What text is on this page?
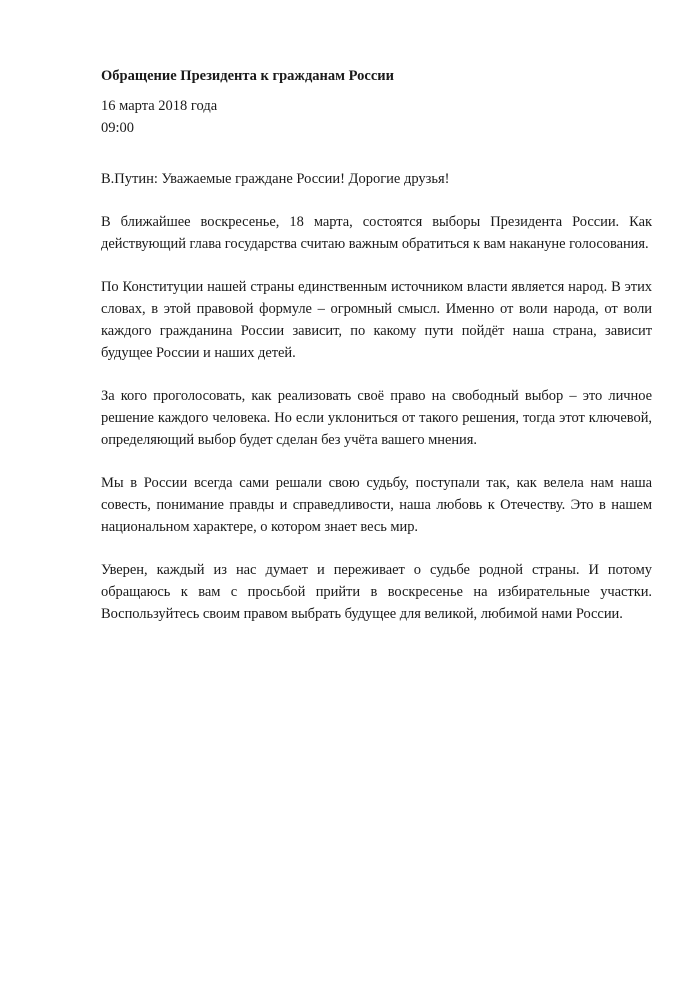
Обращение Президента к гражданам России

16 марта 2018 года

09:00

В.Путин: Уважаемые граждане России! Дорогие друзья!

В ближайшее воскресенье, 18 марта, состоятся выборы Президента России. Как действующий глава государства считаю важным обратиться к вам накануне голосования.

По Конституции нашей страны единственным источником власти является народ. В этих словах, в этой правовой формуле – огромный смысл. Именно от воли народа, от воли каждого гражданина России зависит, по какому пути пойдёт наша страна, зависит будущее России и наших детей.

За кого проголосовать, как реализовать своё право на свободный выбор – это личное решение каждого человека. Но если уклониться от такого решения, тогда этот ключевой, определяющий выбор будет сделан без учёта вашего мнения.

Мы в России всегда сами решали свою судьбу, поступали так, как велела нам наша совесть, понимание правды и справедливости, наша любовь к Отечеству. Это в нашем национальном характере, о котором знает весь мир.

Уверен, каждый из нас думает и переживает о судьбе родной страны. И потому обращаюсь к вам с просьбой прийти в воскресенье на избирательные участки. Воспользуйтесь своим правом выбрать будущее для великой, любимой нами России.
